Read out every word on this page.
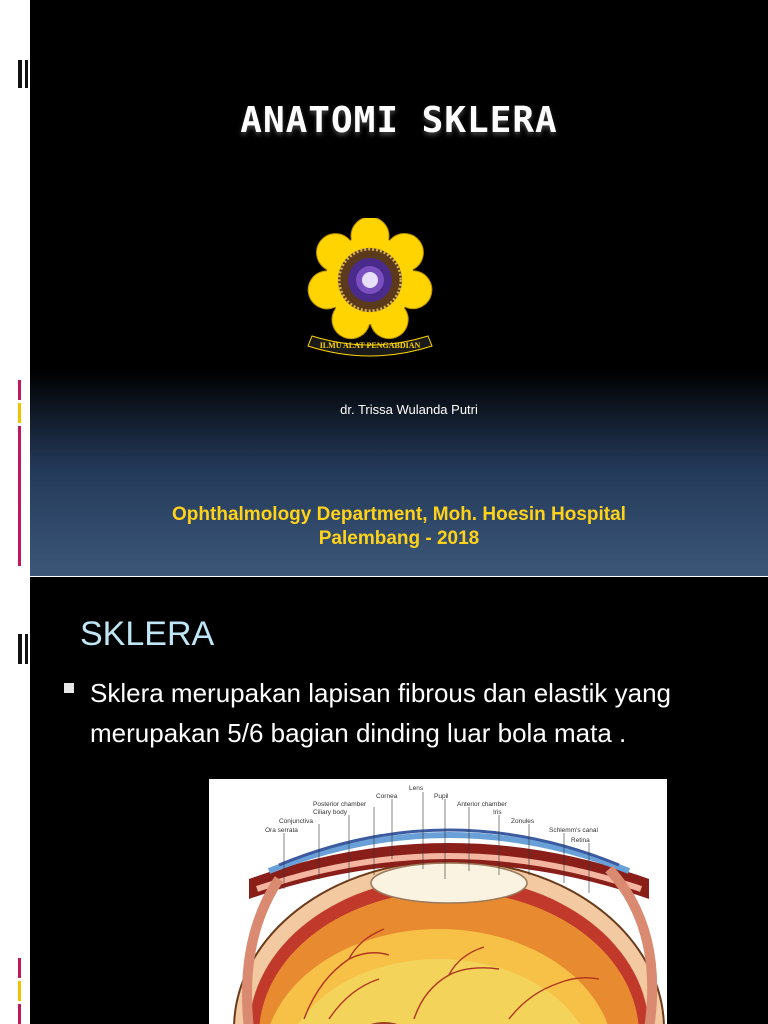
ANATOMI SKLERA
ILMU ALAT PENGABDIAN
dr. Trissa Wulanda Putri
Ophthalmology Department, Moh. Hoesin Hospital
Palembang - 2018
SKLERA
Sklera merupakan lapisan fibrous dan elastik yang merupakan 5/6 bagian dinding luar bola mata .
Lens
Cornea	Pupil
Posterior chamber	Anterior chamber
Ciliary body	Iris
Conjunctiva	Zonules
Ora serrata	Schlemm's canal
Retina
